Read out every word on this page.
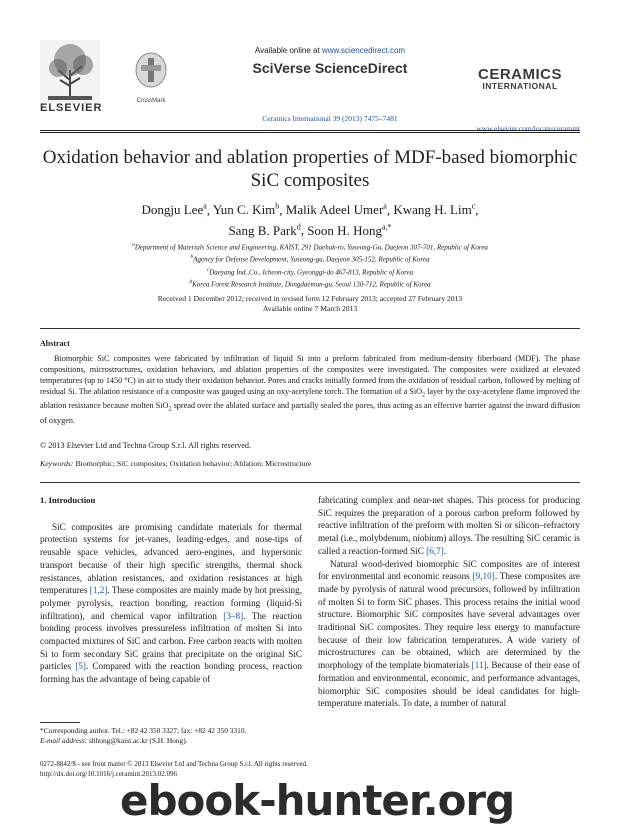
ELSEVIER
CrossMark
Available online at www.sciencedirect.com
SciVerse ScienceDirect
Ceramics International 39 (2013) 7475–7481
CERAMICS
INTERNATIONAL
www.elsevier.com/locate/ceramint
Oxidation behavior and ablation properties of MDF-based biomorphic
SiC composites
Dongju Lee$^a$, Yun C. Kim$^b$, Malik Adeel Umer$^a$, Kwang H. Lim$^c$,
Sang B. Park$^d$, Soon H. Hong$^{a,*}$
$^a$Department of Materials Science and Engineering, KAIST, 291 Daehak-ro, Yuseong-Gu, Daejeon 307-701, Republic of Korea
$^b$Agency for Defense Development, Yuseong-gu, Daejeon 305-152, Republic of Korea
$^c$Daeyang Ind.,Co., Icheon-city, Gyeonggi-do 467-813, Republic of Korea
$^d$Korea Forest Research Institute, Dongdaemun-gu, Seoul 130-712, Republic of Korea
Received 1 December 2012; received in revised form 12 February 2013; accepted 27 February 2013
Available online 7 March 2013
Abstract
Biomorphic SiC composites were fabricated by infiltration of liquid Si into a preform fabricated from medium-density fiberboard (MDF). The phase compositions, microstructures, oxidation behaviors, and ablation properties of the composites were investigated. The composites were oxidized at elevated temperatures (up to 1450 °C) in air to study their oxidation behavior. Pores and cracks initially formed from the oxidation of residual carbon, followed by melting of residual Si. The ablation resistance of a composite was gauged using an oxy-acetylene torch. The formation of a SiO$_2$ layer by the oxy-acetylene flame improved the ablation resistance because molten SiO$_2$ spread over the ablated surface and partially sealed the pores, thus acting as an effective barrier against the inward diffusion of oxygen.
© 2013 Elsevier Ltd and Techna Group S.r.l. All rights reserved.
Keywords: Biomorphic; SiC composites; Oxidation behavior; Ablation; Microstructure
1. Introduction

SiC composites are promising candidate materials for thermal protection systems for jet-vanes, leading-edges, and nose-tips of reusable space vehicles, advanced aero-engines, and hypersonic transport because of their high specific strengths, thermal shock resistances, ablation resistances, and oxidation resistances at high temperatures [1,2]. These composites are mainly made by hot pressing, polymer pyrolysis, reaction bonding, reaction forming (liquid-Si infiltration), and chemical vapor infiltration [3–8]. The reaction bonding process involves pressureless infiltration of molten Si into compacted mixtures of SiC and carbon. Free carbon reacts with molten Si to form secondary SiC grains that precipitate on the original SiC particles [5]. Compared with the reaction bonding process, reaction forming has the advantage of being capable of

fabricating complex and near-net shapes. This process for producing SiC requires the preparation of a porous carbon preform followed by reactive infiltration of the preform with molten Si or silicon–refractory metal (i.e., molybdenum, niobium) alloys. The resulting SiC ceramic is called a reaction-formed SiC [6,7].

Natural wood-derived biomorphic SiC composites are of interest for environmental and economic reasons [9,10]. These composites are made by pyrolysis of natural wood precursors, followed by infiltration of molten Si to form SiC phases. This process retains the initial wood structure. Biomorphic SiC composites have several advantages over traditional SiC composites. They require less energy to manufacture because of their low fabrication temperatures. A wide variety of microstructures can be obtained, which are determined by the morphology of the template biomaterials [11]. Because of their ease of formation and environmental, economic, and performance advantages, biomorphic SiC composites should be ideal candidates for high-temperature materials. To date, a number of natural

*Corresponding author. Tel.: +82 42 350 3327; fax: +82 42 350 3310.
E-mail address: shhong@kaist.ac.kr (S.H. Hong).
0272-8842/$ - see front matter © 2013 Elsevier Ltd and Techna Group S.r.l. All rights reserved.
http://dx.doi.org/10.1016/j.ceramint.2013.02.096
ebook-hunter.org
